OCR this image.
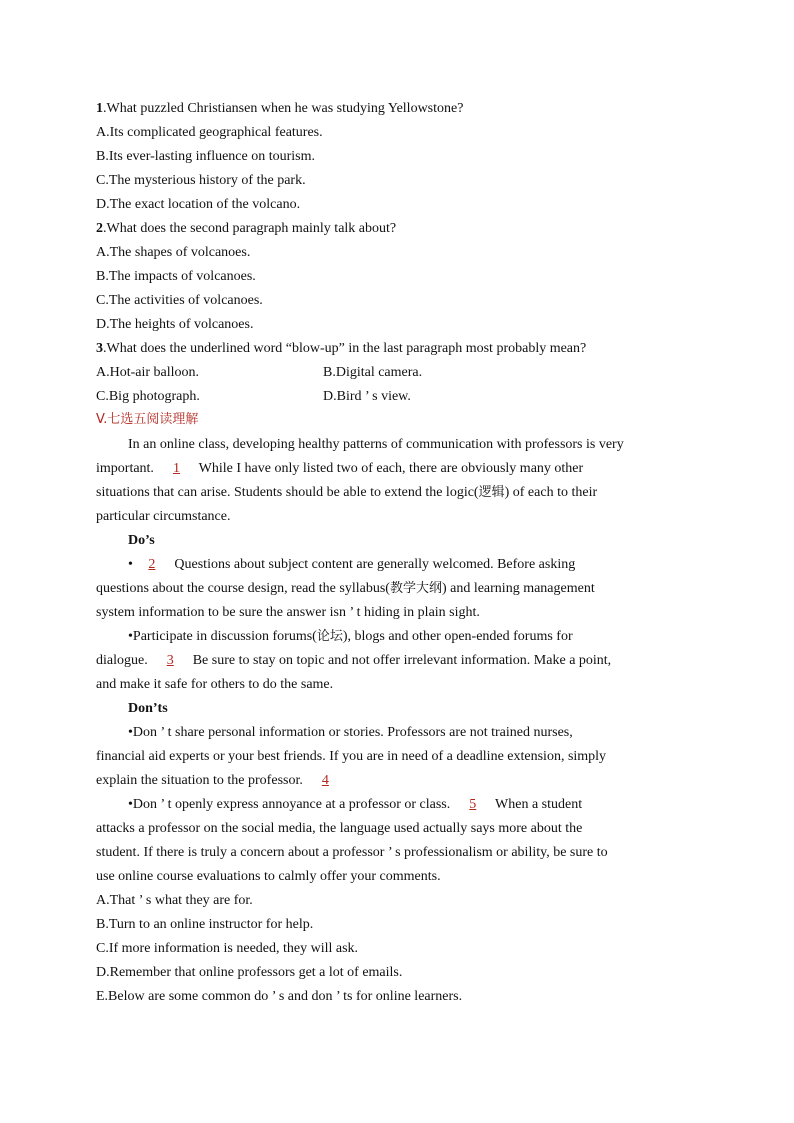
1.What puzzled Christiansen when he was studying Yellowstone?
A.Its complicated geographical features.
B.Its ever-lasting influence on tourism.
C.The mysterious history of the park.
D.The exact location of the volcano.
2.What does the second paragraph mainly talk about?
A.The shapes of volcanoes.
B.The impacts of volcanoes.
C.The activities of volcanoes.
D.The heights of volcanoes.
3.What does the underlined word “blow-up” in the last paragraph most probably mean?
A.Hot-air balloon.	B.Digital camera.
C.Big photograph.	D.Bird ’ s view.
V.七选五阅读理解
In an online class, developing healthy patterns of communication with professors is very
important. 1 While I have only listed two of each, there are obviously many other
situations that can arise. Students should be able to extend the logic(逻辑) of each to their
particular circumstance.
Do’s
• 2 Questions about subject content are generally welcomed. Before asking
questions about the course design, read the syllabus(教学大纲) and learning management
system information to be sure the answer isn ’ t hiding in plain sight.
•Participate in discussion forums(论坛), blogs and other open-ended forums for
dialogue. 3 Be sure to stay on topic and not offer irrelevant information. Make a point,
and make it safe for others to do the same.
Don’ts
•Don ’ t share personal information or stories. Professors are not trained nurses,
financial aid experts or your best friends. If you are in need of a deadline extension, simply
explain the situation to the professor. 4
•Don ’ t openly express annoyance at a professor or class. 5 When a student
attacks a professor on the social media, the language used actually says more about the
student. If there is truly a concern about a professor ’ s professionalism or ability, be sure to
use online course evaluations to calmly offer your comments.
A.That ’ s what they are for.
B.Turn to an online instructor for help.
C.If more information is needed, they will ask.
D.Remember that online professors get a lot of emails.
E.Below are some common do ’ s and don ’ ts for online learners.
